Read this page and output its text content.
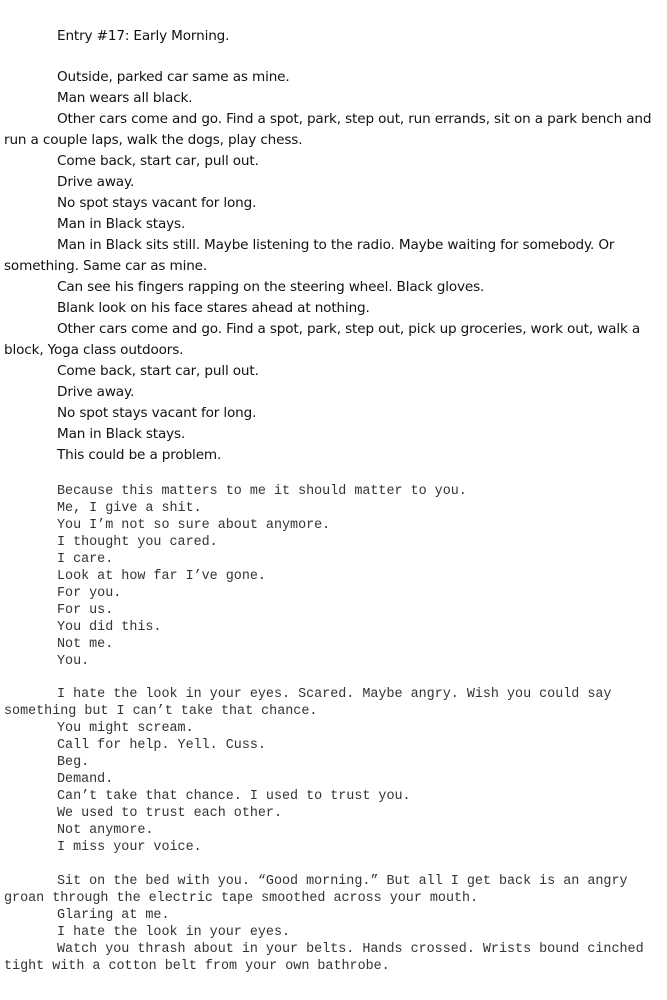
Entry #17: Early Morning.

Outside, parked car same as mine.

Man wears all black.

Other cars come and go. Find a spot, park, step out, run errands, sit on a park bench and run a couple laps, walk the dogs, play chess.

Come back, start car, pull out.

Drive away.

No spot stays vacant for long.

Man in Black stays.

Man in Black sits still. Maybe listening to the radio. Maybe waiting for somebody. Or something. Same car as mine.

Can see his fingers rapping on the steering wheel. Black gloves.

Blank look on his face stares ahead at nothing.

Other cars come and go. Find a spot, park, step out, pick up groceries, work out, walk a block, Yoga class outdoors.

Come back, start car, pull out.

Drive away.

No spot stays vacant for long.

Man in Black stays.

This could be a problem.

Because this matters to me it should matter to you.

Me, I give a shit.

You I’m not so sure about anymore.

I thought you cared.

I care.

Look at how far I’ve gone.

For you.

For us.

You did this.

Not me.

You.

I hate the look in your eyes. Scared. Maybe angry. Wish you could say something but I can’t take that chance.

You might scream.

Call for help. Yell. Cuss.

Beg.

Demand.

Can’t take that chance. I used to trust you.

We used to trust each other.

Not anymore.

I miss your voice.

Sit on the bed with you. “Good morning.” But all I get back is an angry groan through the electric tape smoothed across your mouth.

Glaring at me.

I hate the look in your eyes.

Watch you thrash about in your belts. Hands crossed. Wrists bound cinched tight with a cotton belt from your own bathrobe.
